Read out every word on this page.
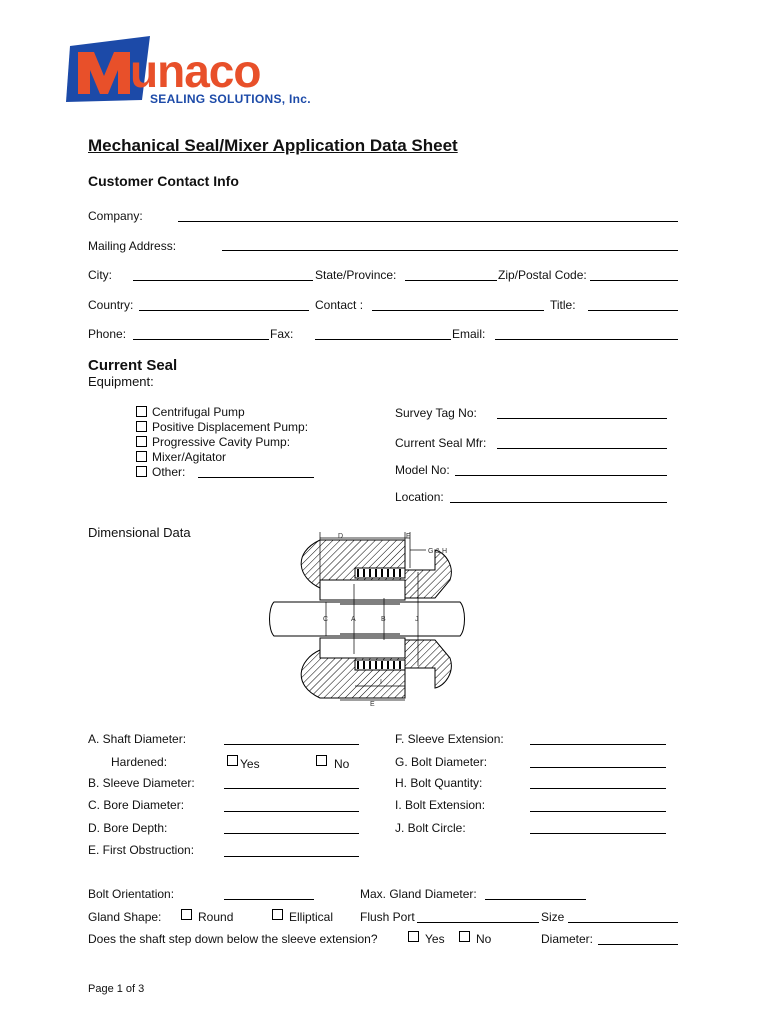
unaco
SEALING SOLUTIONS, Inc.
Mechanical Seal/Mixer Application Data Sheet
Customer Contact Info
Company:
Mailing Address:
City:	State/Province:	Zip/Postal Code:
Country:	Contact :	Title:
Phone:	Fax:	Email:
Current Seal
Equipment:
Centrifugal Pump
Positive Displacement Pump:
Progressive Cavity Pump:
Mixer/Agitator
Other:
Survey Tag No:
Current Seal Mfr:
Model No:
Location:
Dimensional Data	D	F
G & H
C	A	B	J
I
E
A. Shaft Diameter:
Hardened:	Yes	No
B. Sleeve Diameter:
C. Bore Diameter:
D. Bore Depth:
E. First Obstruction:
F. Sleeve Extension:
G. Bolt Diameter:
H. Bolt Quantity:
I. Bolt Extension:
J. Bolt Circle:
Bolt Orientation:	Max. Gland Diameter:
Gland Shape:	Round	Elliptical Flush Port	Size
Does the shaft step down below the sleeve extension?	Yes	No	Diameter:
Page 1 of 3
